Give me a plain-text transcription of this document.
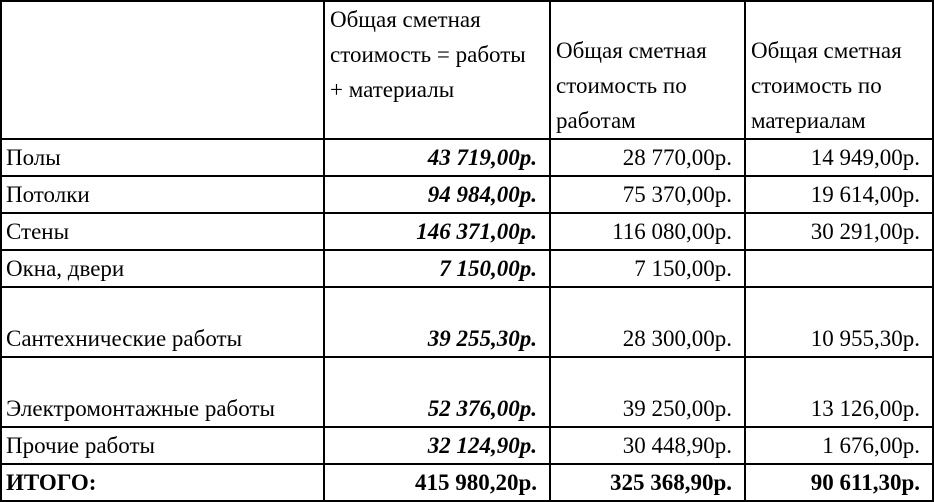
	Общая сметная стоимость = работы + материалы	Общая сметная стоимость по работам	Общая сметная стоимость по материалам
Полы	43 719,00р.	28 770,00р.	14 949,00р.
Потолки	94 984,00р.	75 370,00р.	19 614,00р.
Стены	146 371,00р.	116 080,00р.	30 291,00р.
Окна, двери	7 150,00р.	7 150,00р.	
Сантехнические работы	39 255,30р.	28 300,00р.	10 955,30р.
Электромонтажные работы	52 376,00р.	39 250,00р.	13 126,00р.
Прочие работы	32 124,90р.	30 448,90р.	1 676,00р.
ИТОГО:	415 980,20р.	325 368,90р.	90 611,30р.
